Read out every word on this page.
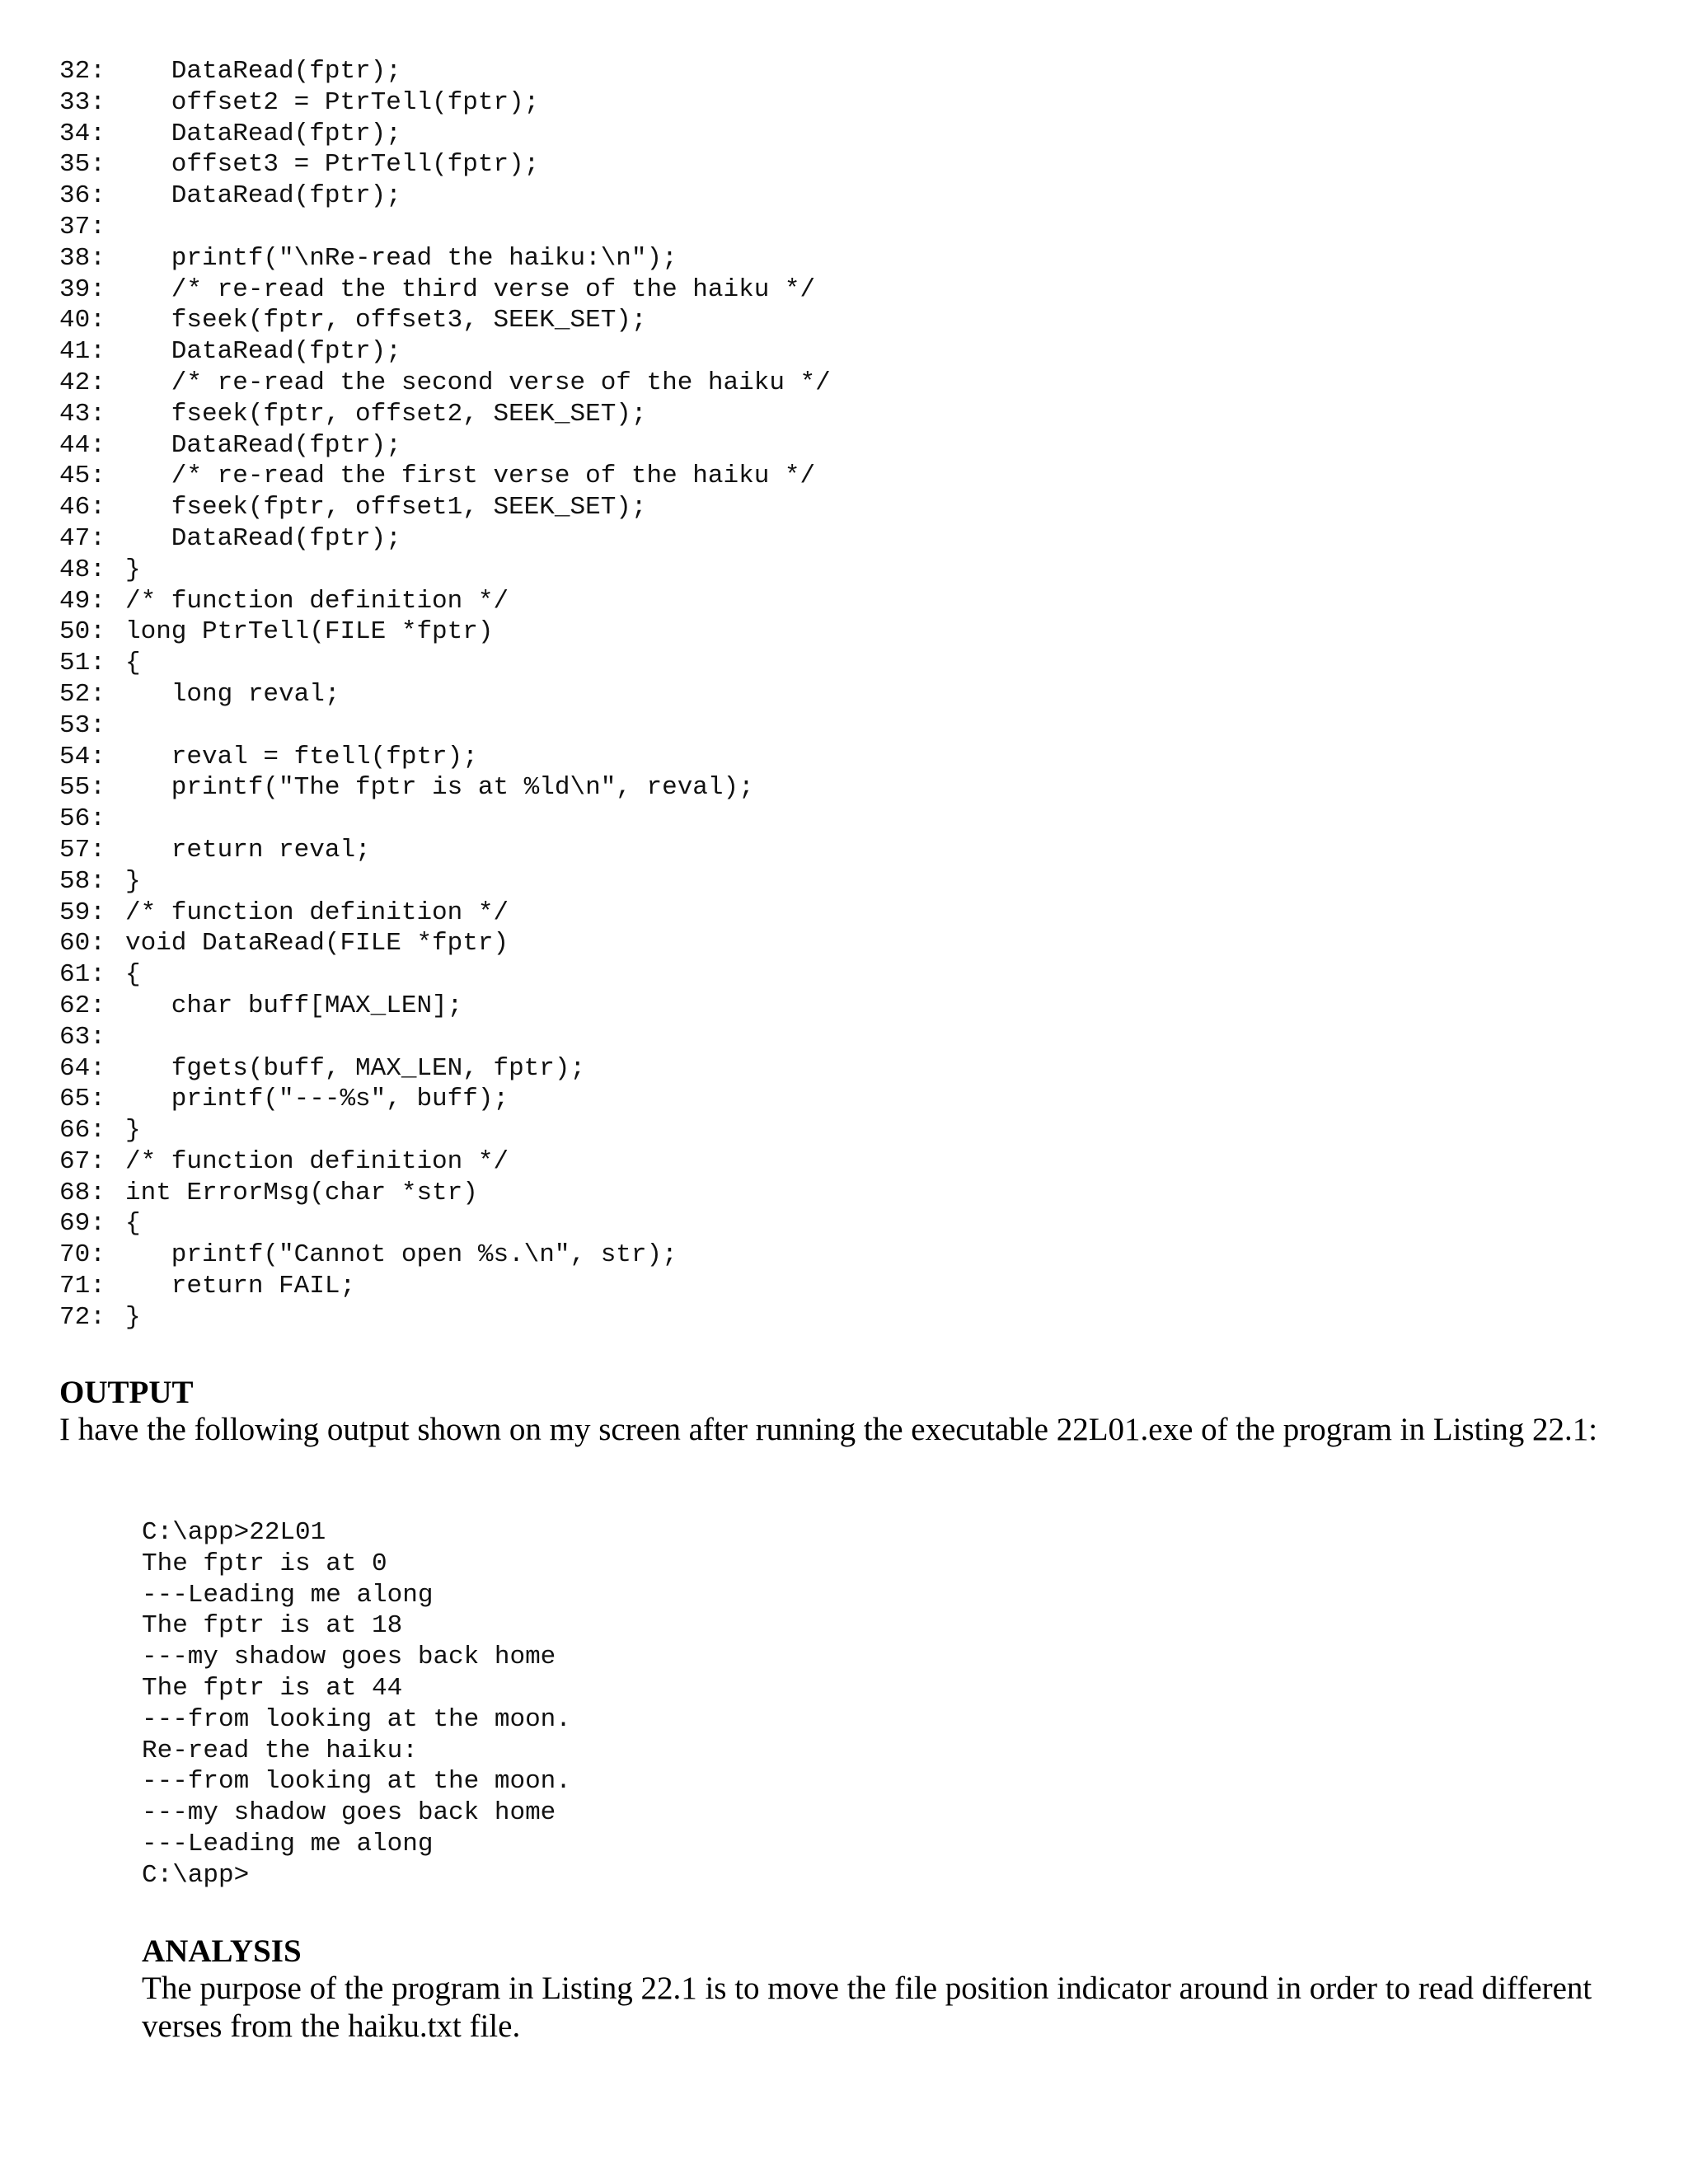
32: DataRead(fptr);
33: offset2 = PtrTell(fptr);
34: DataRead(fptr);
35: offset3 = PtrTell(fptr);
36: DataRead(fptr);
37:
38: printf("\nRe-read the haiku:\n");
39: /* re-read the third verse of the haiku */
40: fseek(fptr, offset3, SEEK_SET);
41: DataRead(fptr);
42: /* re-read the second verse of the haiku */
43: fseek(fptr, offset2, SEEK_SET);
44: DataRead(fptr);
45: /* re-read the first verse of the haiku */
46: fseek(fptr, offset1, SEEK_SET);
47: DataRead(fptr);
48: }
49: /* function definition */
50: long PtrTell(FILE *fptr)
51: {
52: long reval;
53:
54: reval = ftell(fptr);
55: printf("The fptr is at %ld\n", reval);
56:
57: return reval;
58: }
59: /* function definition */
60: void DataRead(FILE *fptr)
61: {
62: char buff[MAX_LEN];
63:
64: fgets(buff, MAX_LEN, fptr);
65: printf("---%s", buff);
66: }
67: /* function definition */
68: int ErrorMsg(char *str)
69: {
70: printf("Cannot open %s.\n", str);
71: return FAIL;
72: }
OUTPUT
I have the following output shown on my screen after running the executable 22L01.exe of the program in Listing 22.1:
C:\app>22L01
The fptr is at 0
---Leading me along
The fptr is at 18
---my shadow goes back home
The fptr is at 44
---from looking at the moon.
Re-read the haiku:
---from looking at the moon.
---my shadow goes back home
---Leading me along
C:\app>
ANALYSIS
The purpose of the program in Listing 22.1 is to move the file position indicator around in order to read different verses from the haiku.txt file.
